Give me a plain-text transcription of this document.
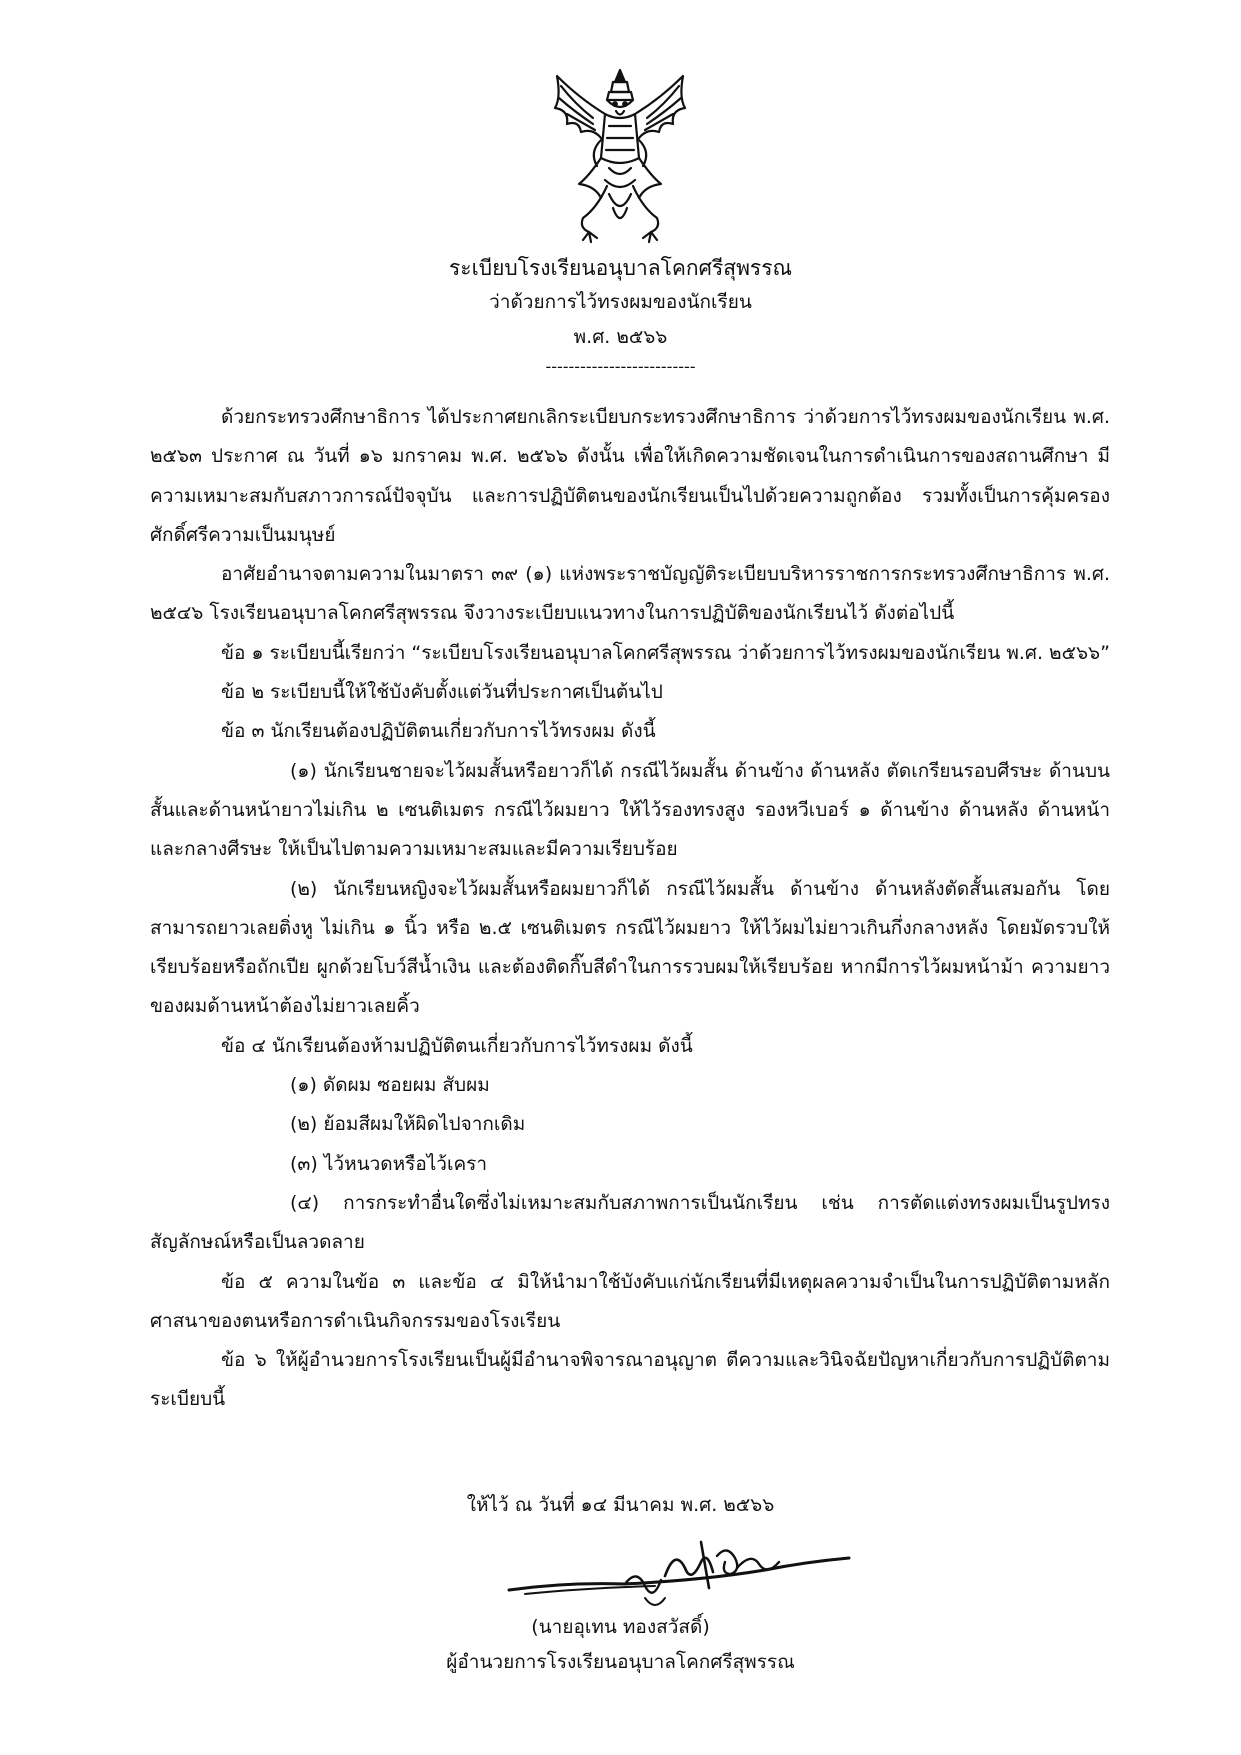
ระเบียบโรงเรียนอนุบาลโคกศรีสุพรรณ
ว่าด้วยการไว้ทรงผมของนักเรียน
พ.ศ. ๒๕๖๖
--------------------------

ด้วยกระทรวงศึกษาธิการ ได้ประกาศยกเลิกระเบียบกระทรวงศึกษาธิการ ว่าด้วยการไว้ทรงผมของนักเรียน พ.ศ. ๒๕๖๓ ประกาศ ณ วันที่ ๑๖ มกราคม พ.ศ. ๒๕๖๖ ดังนั้น เพื่อให้เกิดความชัดเจนในการดำเนินการของสถานศึกษา มีความเหมาะสมกับสภาวการณ์ปัจจุบัน และการปฏิบัติตนของนักเรียนเป็นไปด้วยความถูกต้อง รวมทั้งเป็นการคุ้มครองศักดิ์ศรีความเป็นมนุษย์

อาศัยอำนาจตามความในมาตรา ๓๙ (๑) แห่งพระราชบัญญัติระเบียบบริหารราชการกระทรวงศึกษาธิการ พ.ศ. ๒๕๔๖ โรงเรียนอนุบาลโคกศรีสุพรรณ จึงวางระเบียบแนวทางในการปฏิบัติของนักเรียนไว้ ดังต่อไปนี้

ข้อ ๑ ระเบียบนี้เรียกว่า “ระเบียบโรงเรียนอนุบาลโคกศรีสุพรรณ ว่าด้วยการไว้ทรงผมของนักเรียน พ.ศ. ๒๕๖๖”

ข้อ ๒ ระเบียบนี้ให้ใช้บังคับตั้งแต่วันที่ประกาศเป็นต้นไป

ข้อ ๓ นักเรียนต้องปฏิบัติตนเกี่ยวกับการไว้ทรงผม ดังนี้

(๑) นักเรียนชายจะไว้ผมสั้นหรือยาวก็ได้ กรณีไว้ผมสั้น ด้านข้าง ด้านหลัง ตัดเกรียนรอบศีรษะ ด้านบนสั้นและด้านหน้ายาวไม่เกิน ๒ เซนติเมตร กรณีไว้ผมยาว ให้ไว้รองทรงสูง รองหวีเบอร์ ๑ ด้านข้าง ด้านหลัง ด้านหน้า และกลางศีรษะ ให้เป็นไปตามความเหมาะสมและมีความเรียบร้อย

(๒) นักเรียนหญิงจะไว้ผมสั้นหรือผมยาวก็ได้ กรณีไว้ผมสั้น ด้านข้าง ด้านหลังตัดสั้นเสมอกัน โดยสามารถยาวเลยติ่งหู ไม่เกิน ๑ นิ้ว หรือ ๒.๕ เซนติเมตร กรณีไว้ผมยาว ให้ไว้ผมไม่ยาวเกินกึ่งกลางหลัง โดยมัดรวบให้เรียบร้อยหรือถักเปีย ผูกด้วยโบว์สีน้ำเงิน และต้องติดกิ๊บสีดำในการรวบผมให้เรียบร้อย หากมีการไว้ผมหน้าม้า ความยาวของผมด้านหน้าต้องไม่ยาวเลยคิ้ว

ข้อ ๔ นักเรียนต้องห้ามปฏิบัติตนเกี่ยวกับการไว้ทรงผม ดังนี้

(๑) ดัดผม ซอยผม สับผม

(๒) ย้อมสีผมให้ผิดไปจากเดิม

(๓) ไว้หนวดหรือไว้เครา

(๔) การกระทำอื่นใดซึ่งไม่เหมาะสมกับสภาพการเป็นนักเรียน เช่น การตัดแต่งทรงผมเป็นรูปทรงสัญลักษณ์หรือเป็นลวดลาย

ข้อ ๕ ความในข้อ ๓ และข้อ ๔ มิให้นำมาใช้บังคับแก่นักเรียนที่มีเหตุผลความจำเป็นในการปฏิบัติตามหลักศาสนาของตนหรือการดำเนินกิจกรรมของโรงเรียน

ข้อ ๖ ให้ผู้อำนวยการโรงเรียนเป็นผู้มีอำนาจพิจารณาอนุญาต ตีความและวินิจฉัยปัญหาเกี่ยวกับการปฏิบัติตามระเบียบนี้

ให้ไว้ ณ วันที่ ๑๔ มีนาคม พ.ศ. ๒๕๖๖
(นายอุเทน ทองสวัสดิ์)
ผู้อำนวยการโรงเรียนอนุบาลโคกศรีสุพรรณ
